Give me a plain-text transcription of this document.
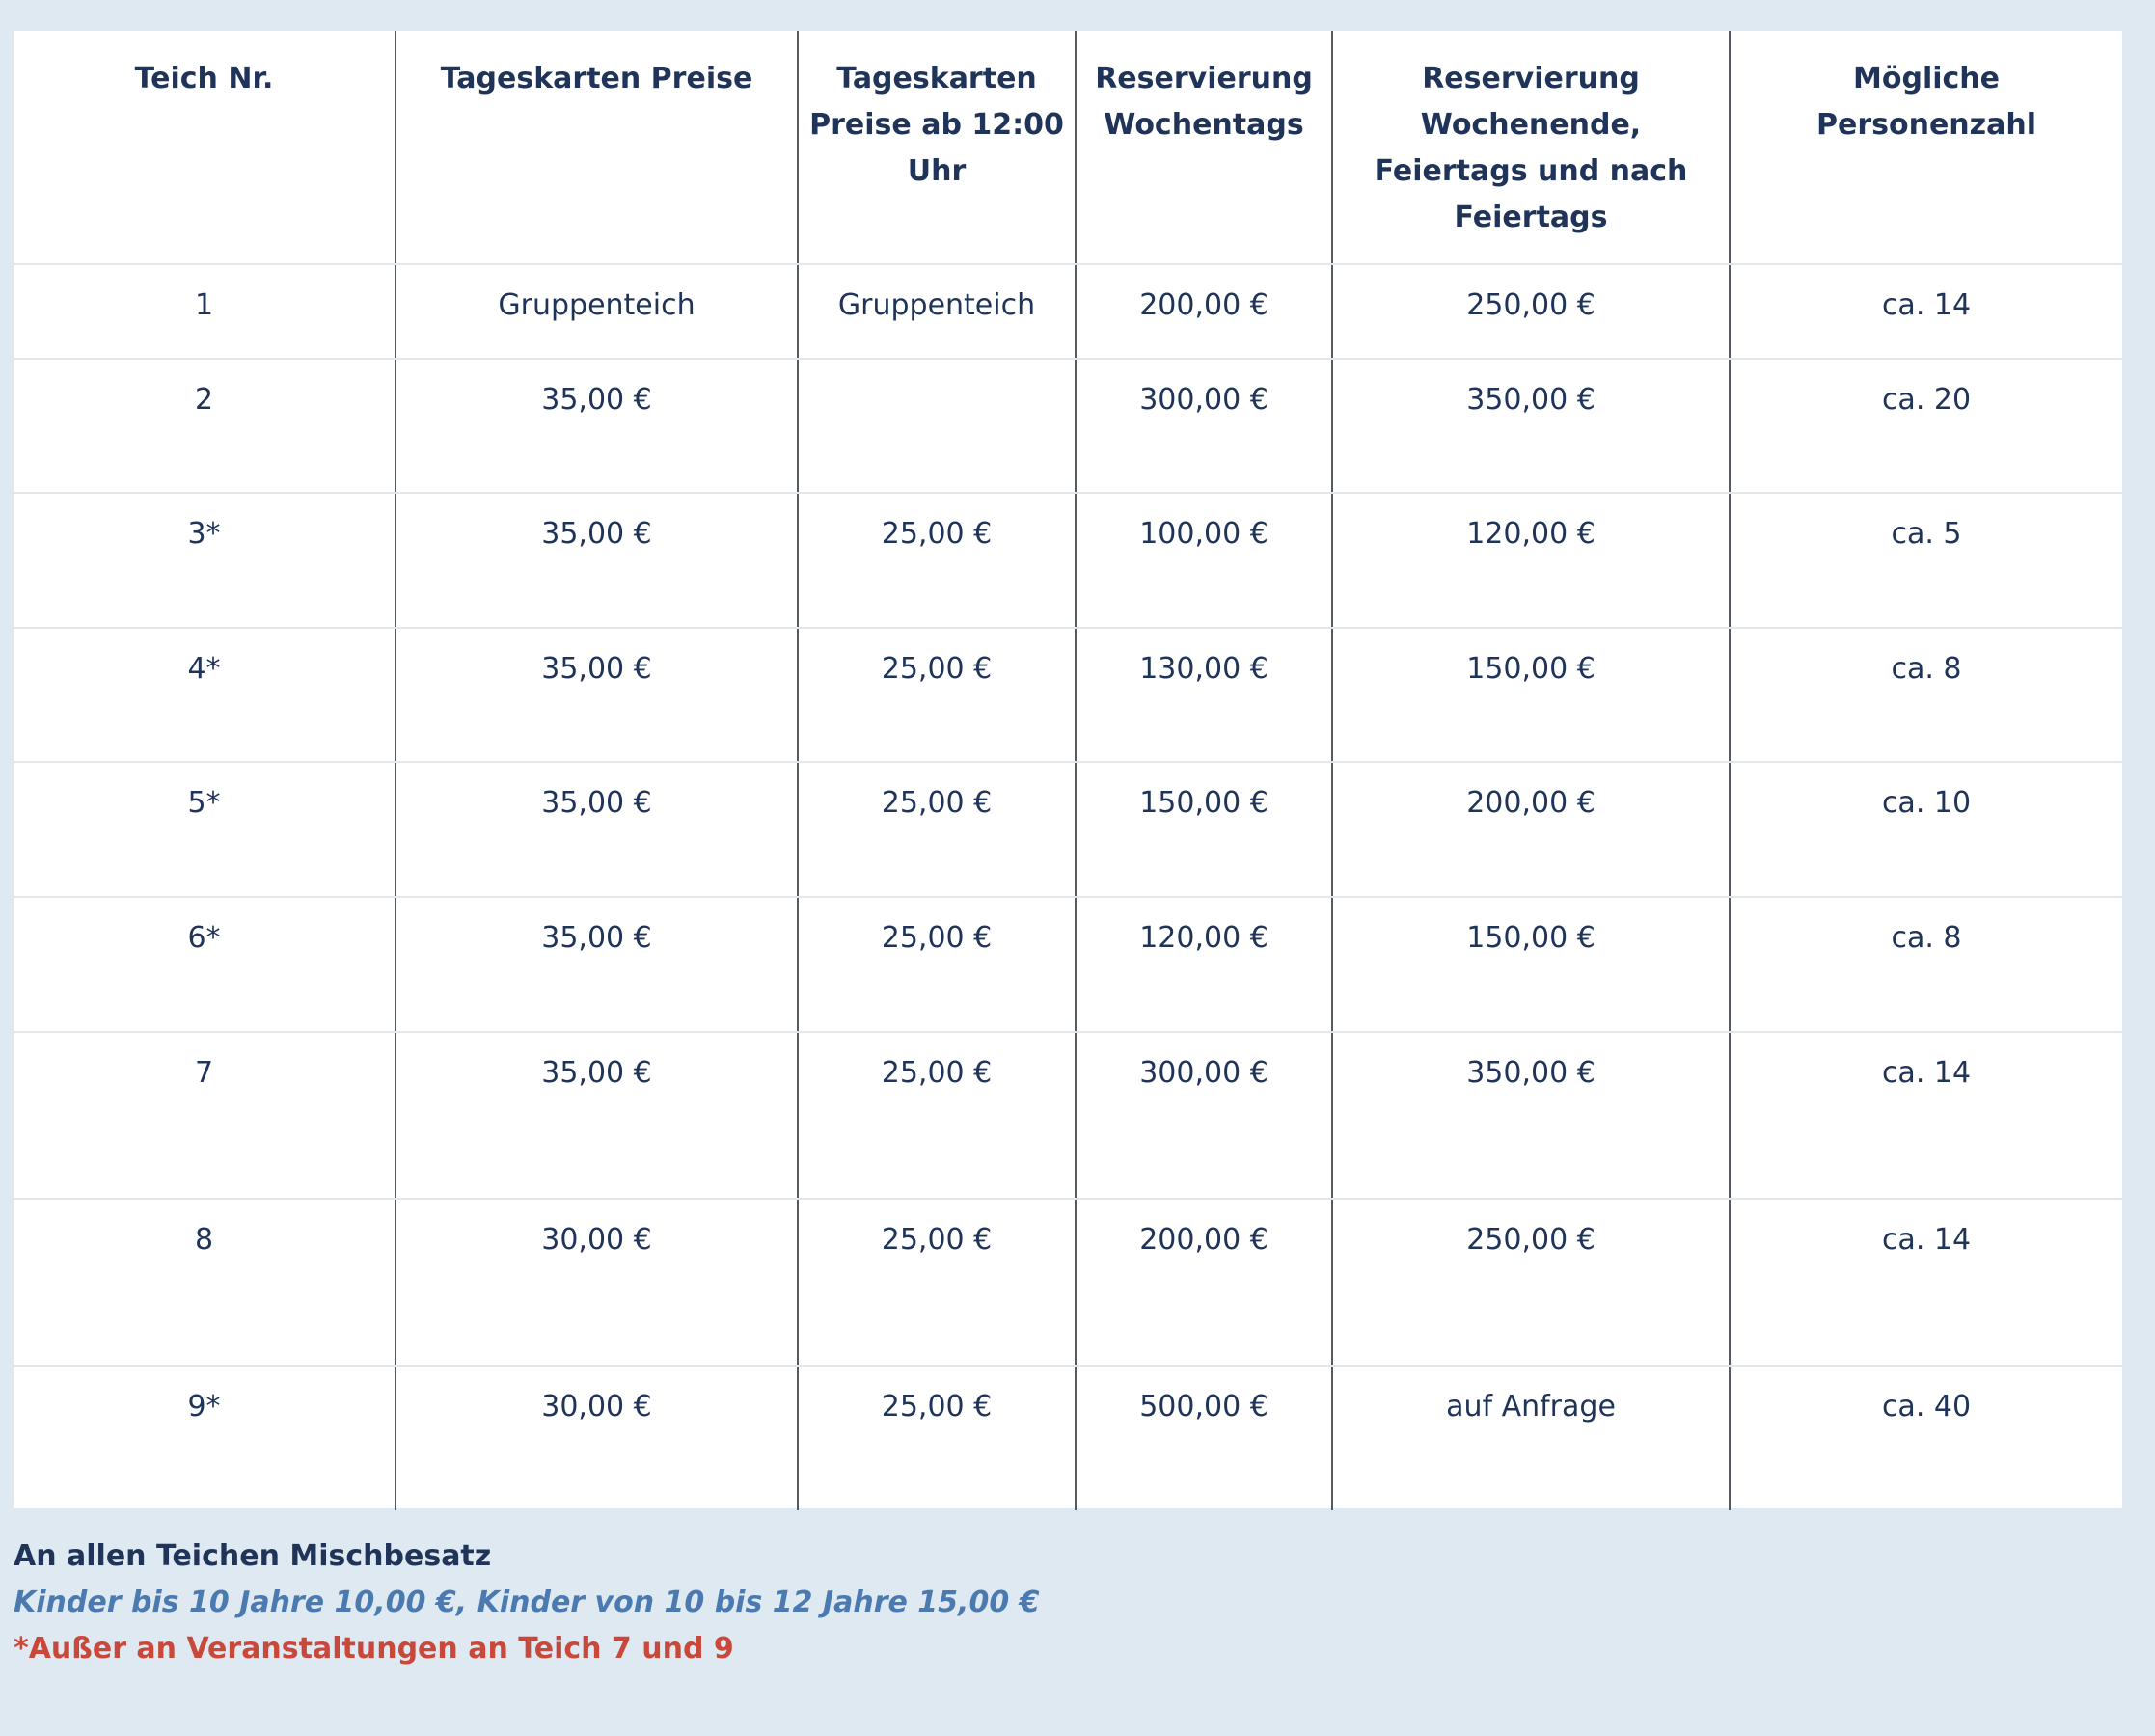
Teich Nr.	Tageskarten Preise	Tageskarten Preise ab 12:00 Uhr	Reservierung Wochentags	Reservierung Wochenende, Feiertags und nach Feiertags	Mögliche Personenzahl
1	Gruppenteich	Gruppenteich	200,00 €	250,00 €	ca. 14
2	35,00 €		300,00 €	350,00 €	ca. 20
3*	35,00 €	25,00 €	100,00 €	120,00 €	ca. 5
4*	35,00 €	25,00 €	130,00 €	150,00 €	ca. 8
5*	35,00 €	25,00 €	150,00 €	200,00 €	ca. 10
6*	35,00 €	25,00 €	120,00 €	150,00 €	ca. 8
7	35,00 €	25,00 €	300,00 €	350,00 €	ca. 14
8	30,00 €	25,00 €	200,00 €	250,00 €	ca. 14
9*	30,00 €	25,00 €	500,00 €	auf Anfrage	ca. 40
An allen Teichen Mischbesatz
Kinder bis 10 Jahre 10,00 €, Kinder von 10 bis 12 Jahre 15,00 €
*Außer an Veranstaltungen an Teich 7 und 9
